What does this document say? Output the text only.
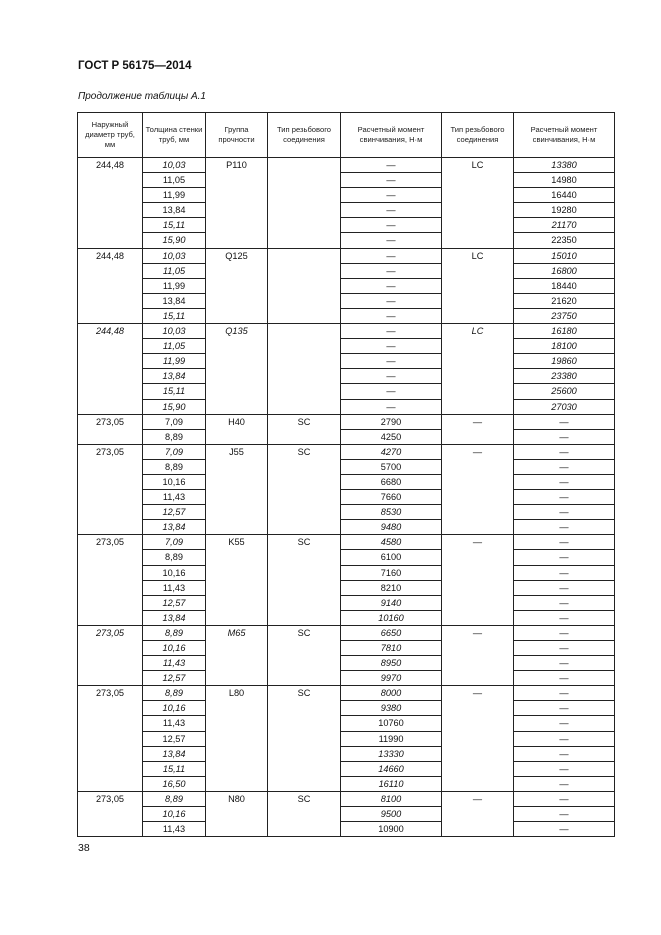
ГОСТ Р 56175—2014
Продолжение таблицы А.1
Наружный диаметр труб, мм	Толщина стенки труб, мм	Группа прочности	Тип резьбового соединения	Расчетный момент свинчивания, Н·м	Тип резьбового соединения	Расчетный момент свинчивания, Н·м
244,48	10,03	P110		—	LC	13380
	11,05			—		14980
	11,99			—		16440
	13,84			—		19280
	15,11			—		21170
	15,90			—		22350
244,48	10,03	Q125		—	LC	15010
	11,05			—		16800
	11,99			—		18440
	13,84			—		21620
	15,11			—		23750
244,48	10,03	Q135		—	LC	16180
	11,05			—		18100
	11,99			—		19860
	13,84			—		23380
	15,11			—		25600
	15,90			—		27030
273,05	7,09	H40	SC	2790	—	—
	8,89			4250		—
273,05	7,09	J55	SC	4270	—	—
	8,89			5700		—
	10,16			6680		—
	11,43			7660		—
	12,57			8530		—
	13,84			9480		—
273,05	7,09	K55	SC	4580	—	—
	8,89			6100		—
	10,16			7160		—
	11,43			8210		—
	12,57			9140		—
	13,84			10160		—
273,05	8,89	M65	SC	6650	—	—
	10,16			7810		—
	11,43			8950		—
	12,57			9970		—
273,05	8,89	L80	SC	8000	—	—
	10,16			9380		—
	11,43			10760		—
	12,57			11990		—
	13,84			13330		—
	15,11			14660		—
	16,50			16110		—
273,05	8,89	N80	SC	8100	—	—
	10,16			9500		—
	11,43			10900		—
38
